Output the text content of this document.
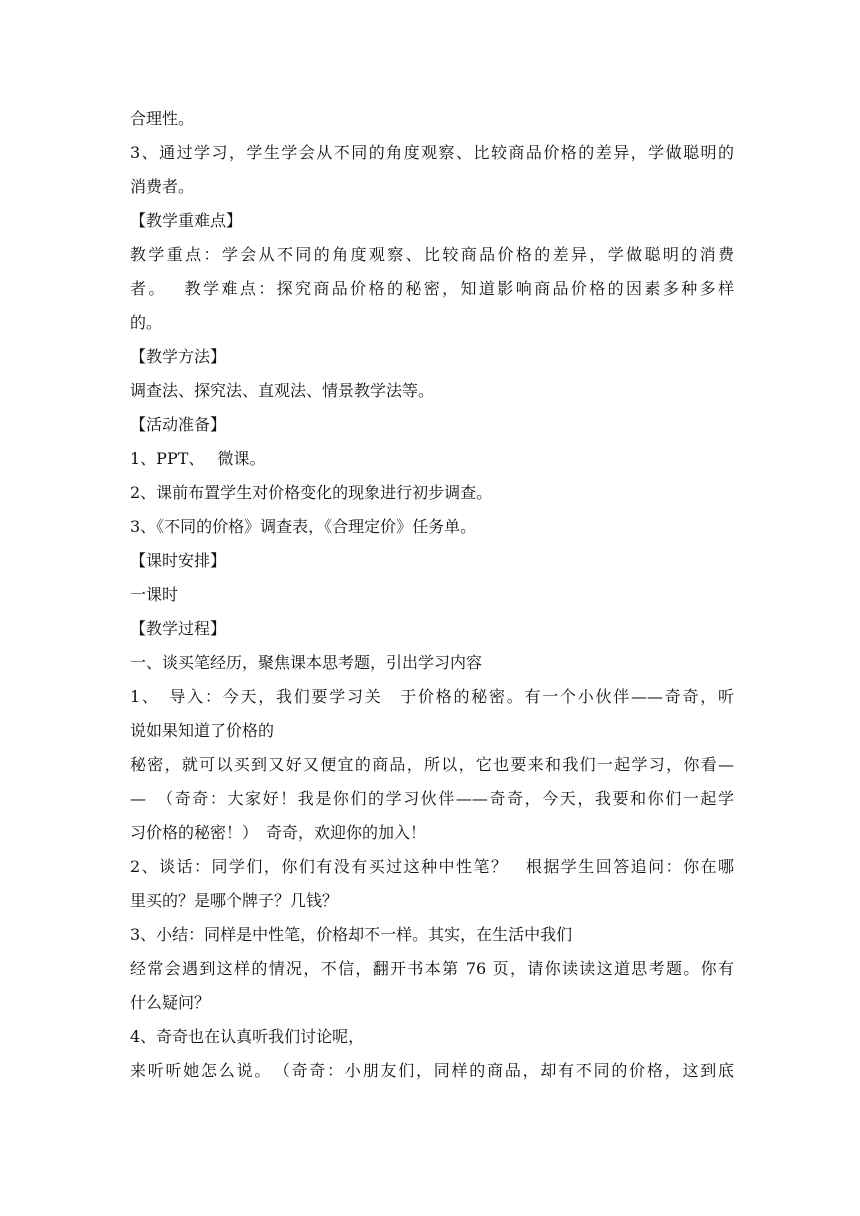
合理性。
3、通过学习，学生学会从不同的角度观察、比较商品价格的差异，学做聪明的
消费者。
【教学重难点】
教学重点：学会从不同的角度观察、比较商品价格的差异，学做聪明的消费
者。　 教学难点：探究商品价格的秘密，知道影响商品价格的因素多种多样
的。
【教学方法】
调查法、探究法、直观法、情景教学法等。
【活动准备】
1、PPT、　 微课。
2、课前布置学生对价格变化的现象进行初步调查。
3、《不同的价格》调查表，《合理定价》任务单。
【课时安排】
一课时
【教学过程】
一、谈买笔经历，聚焦课本思考题，引出学习内容
1、　导入：今天，我们要学习关　于价格的秘密。有一个小伙伴——奇奇，听
说如果知道了价格的
秘密，就可以买到又好又便宜的商品，所以，它也要来和我们一起学习，你看—
—　（奇奇：大家好！我是你们的学习伙伴——奇奇，今天，我要和你们一起学
习价格的秘密！）　奇奇，欢迎你的加入！
2、谈话：同学们，你们有没有买过这种中性笔？　根据学生回答追问：你在哪
里买的？是哪个牌子？几钱？
3、小结：同样是中性笔，价格却不一样。其实，在生活中我们
经常会遇到这样的情况，不信，翻开书本第 76 页，请你读读这道思考题。你有
什么疑问？
4、奇奇也在认真听我们讨论呢，
来听听她怎么说。　（奇奇：小朋友们，同样的商品，却有不同的价格，这到底
